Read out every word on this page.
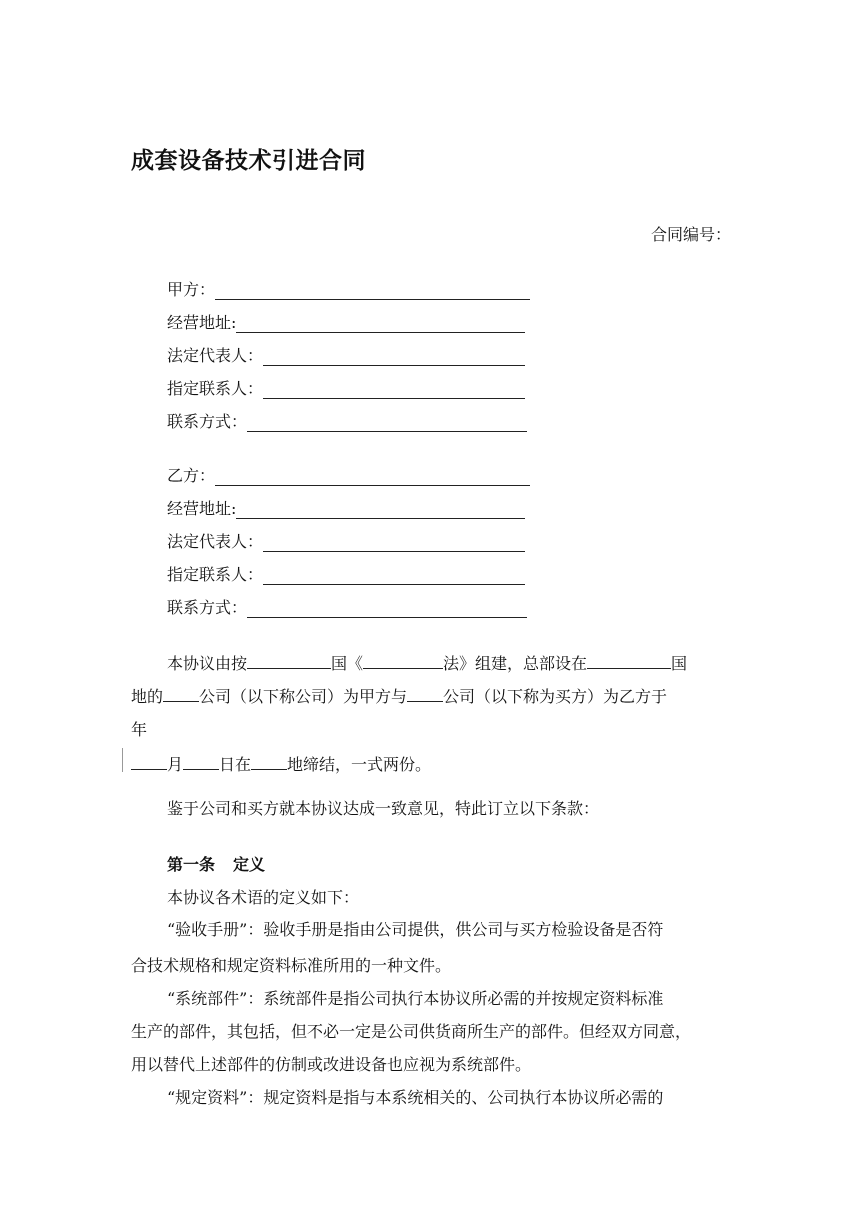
成套设备技术引进合同
合同编号：
甲方：
经营地址:
法定代表人：
指定联系人：
联系方式：
乙方：
经营地址:
法定代表人：
指定联系人：
联系方式：
本协议由按	国《	法》组建，总部设在	国
地的 公司（以下称公司）为甲方与 公司（以下称为买方）为乙方于
年
月 日在 地缔结，一式两份。
鉴于公司和买方就本协议达成一致意见，特此订立以下条款：
第一条 定义
本协议各术语的定义如下：
“验收手册”：验收手册是指由公司提供，供公司与买方检验设备是否符
合技术规格和规定资料标准所用的一种文件。
“系统部件”：系统部件是指公司执行本协议所必需的并按规定资料标准
生产的部件，其包括，但不必一定是公司供货商所生产的部件。但经双方同意，
用以替代上述部件的仿制或改进设备也应视为系统部件。
“规定资料”：规定资料是指与本系统相关的、公司执行本协议所必需的
